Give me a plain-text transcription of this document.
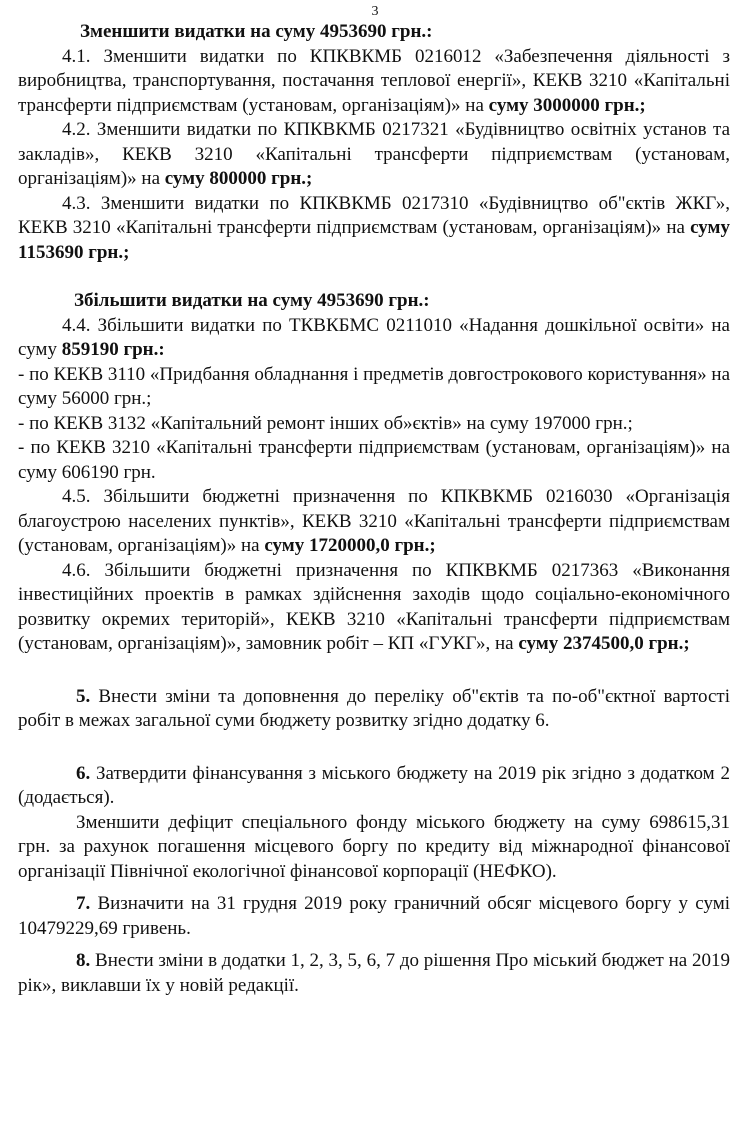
3

Зменшити видатки на суму 4953690 грн.:

4.1. Зменшити видатки по КПКВКМБ 0216012 «Забезпечення діяльності з виробництва, транспортування, постачання теплової енергії», КЕКВ 3210 «Капітальні трансферти підприємствам (установам, організаціям)» на суму 3000000 грн.;

4.2. Зменшити видатки по КПКВКМБ 0217321 «Будівництво освітніх установ та закладів», КЕКВ 3210 «Капітальні трансферти підприємствам (установам, організаціям)» на суму 800000 грн.;

4.3. Зменшити видатки по КПКВКМБ 0217310 «Будівництво об"єктів ЖКГ», КЕКВ 3210 «Капітальні трансферти підприємствам (установам, організаціям)» на суму 1153690 грн.;

Збільшити видатки на суму 4953690 грн.:

4.4. Збільшити видатки по ТКВКБМС 0211010 «Надання дошкільної освіти» на суму 859190 грн.:

- по КЕКВ 3110 «Придбання обладнання і предметів довгострокового користування» на суму 56000 грн.;

- по КЕКВ 3132 «Капітальний ремонт інших об»єктів» на суму 197000 грн.;

- по КЕКВ 3210 «Капітальні трансферти підприємствам (установам, організаціям)» на суму 606190 грн.

4.5. Збільшити бюджетні призначення по КПКВКМБ 0216030 «Організація благоустрою населених пунктів», КЕКВ 3210 «Капітальні трансферти підприємствам (установам, організаціям)» на суму 1720000,0 грн.;

4.6. Збільшити бюджетні призначення по КПКВКМБ 0217363 «Виконання інвестиційних проектів в рамках здійснення заходів щодо соціально-економічного розвитку окремих територій», КЕКВ 3210 «Капітальні трансферти підприємствам (установам, організаціям)», замовник робіт – КП «ГУКГ», на суму 2374500,0 грн.;

5. Внести зміни та доповнення до переліку об"єктів та по-об"єктної вартості робіт в межах загальної суми бюджету розвитку згідно додатку 6.

6. Затвердити фінансування з міського бюджету на 2019 рік згідно з додатком 2 (додається).

Зменшити дефіцит спеціального фонду міського бюджету на суму 698615,31 грн. за рахунок погашення місцевого боргу по кредиту від міжнародної фінансової організації Північної екологічної фінансової корпорації (НЕФКО).

7. Визначити на 31 грудня 2019 року граничний обсяг місцевого боргу у сумі 10479229,69 гривень.

8. Внести зміни в додатки 1, 2, 3, 5, 6, 7 до рішення Про міський бюджет на 2019 рік», виклавши їх у новій редакції.
